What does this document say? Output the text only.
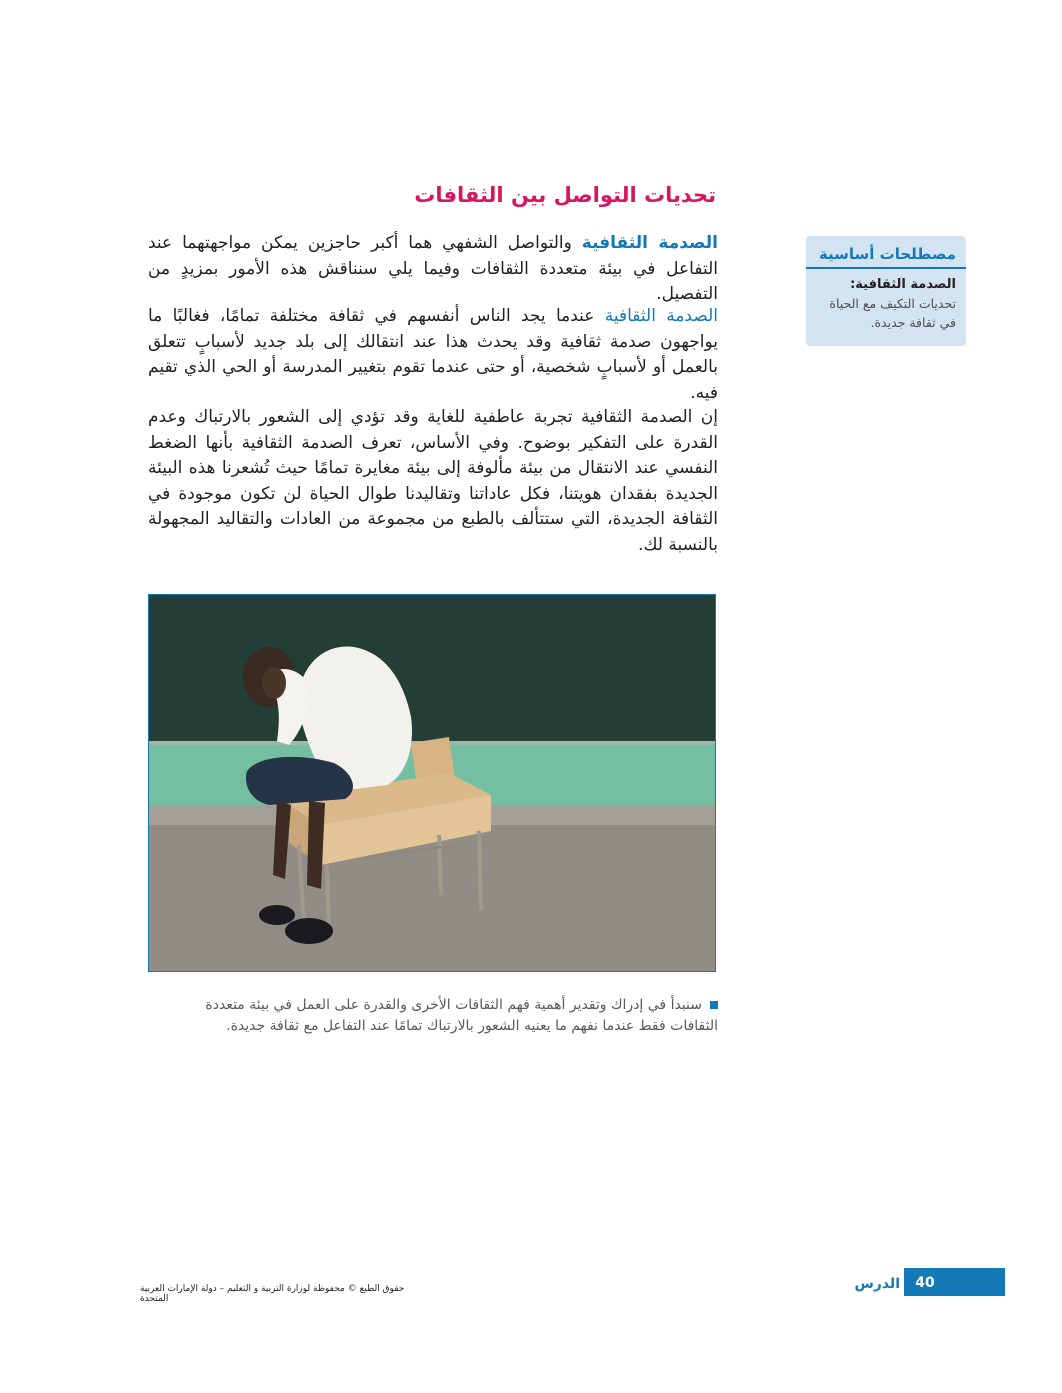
تحديات التواصل بين الثقافات

الصدمة الثقافية والتواصل الشفهي هما أكبر حاجزين يمكن مواجهتهما عند التفاعل في بيئة متعددة الثقافات وفيما يلي سنناقش هذه الأمور بمزيدٍ من التفصيل.

الصدمة الثقافية عندما يجد الناس أنفسهم في ثقافة مختلفة تمامًا، فغالبًا ما يواجهون صدمة ثقافية وقد يحدث هذا عند انتقالك إلى بلد جديد لأسبابٍ تتعلق بالعمل أو لأسبابٍ شخصية، أو حتى عندما تقوم بتغيير المدرسة أو الحي الذي تقيم فيه.

إن الصدمة الثقافية تجربة عاطفية للغاية وقد تؤدي إلى الشعور بالارتباك وعدم القدرة على التفكير بوضوح. وفي الأساس، تعرف الصدمة الثقافية بأنها الضغط النفسي عند الانتقال من بيئة مألوفة إلى بيئة مغايرة تمامًا حيث تُشعرنا هذه البيئة الجديدة بفقدان هويتنا، فكل عاداتنا وتقاليدنا طوال الحياة لن تكون موجودة في الثقافة الجديدة، التي ستتألف بالطبع من مجموعة من العادات والتقاليد المجهولة بالنسبة لك.

مصطلحات أساسية
الصدمة الثقافية:
تحديات التكيف مع الحياة في ثقافة جديدة.

سنبدأ في إدراك وتقدير أهمية فهم الثقافات الأخرى والقدرة على العمل في بيئة متعددة الثقافات فقط عندما نفهم ما يعنيه الشعور بالارتباك تمامًا عند التفاعل مع ثقافة جديدة.

40
الدرس
حقوق الطبع © محفوظة لوزارة التربية و التعليم – دولة الإمارات العربية المتحدة
